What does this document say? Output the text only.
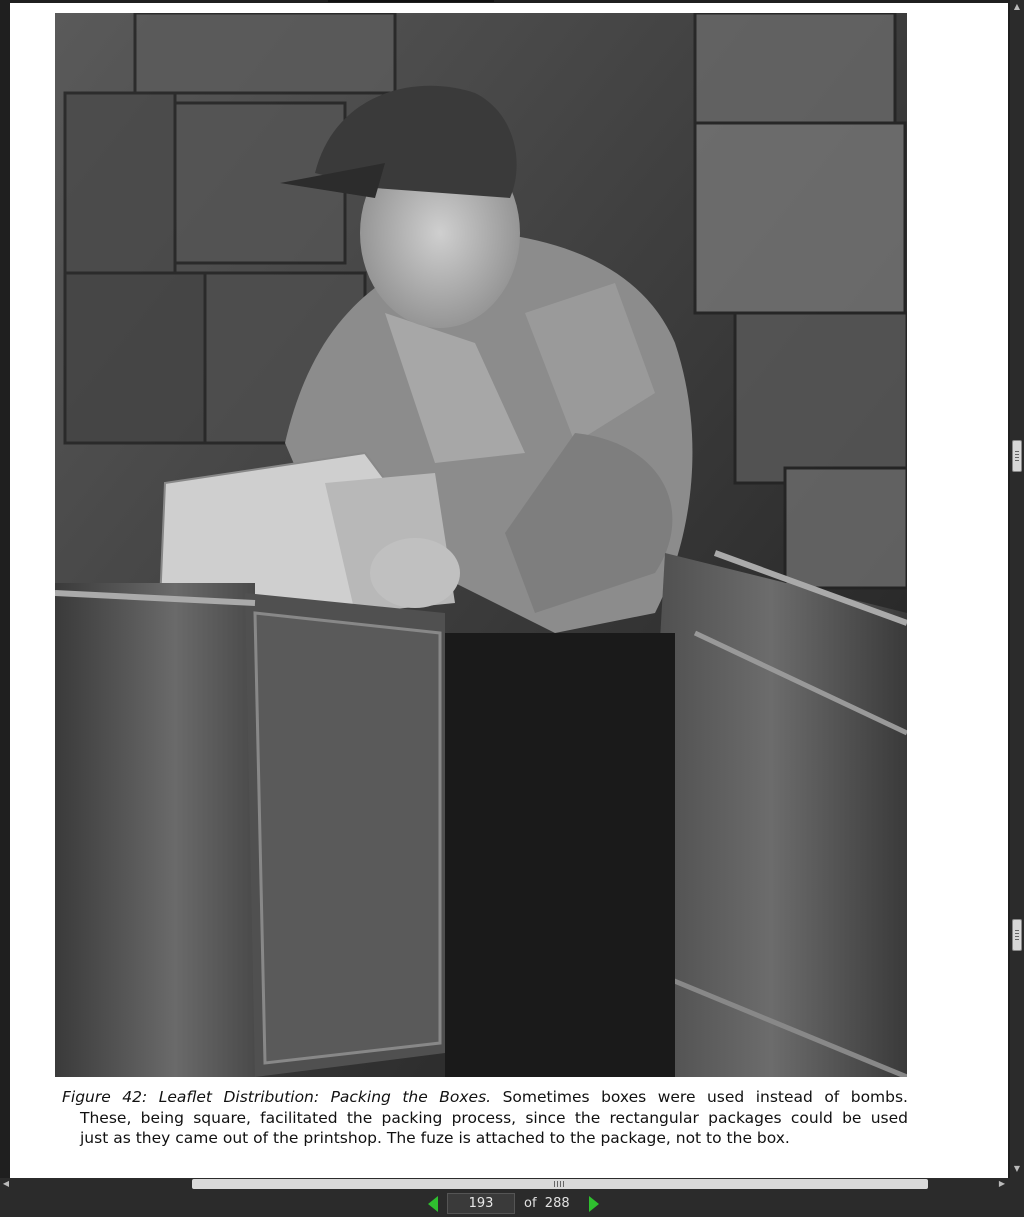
Figure 42: Leaflet Distribution: Packing the Boxes. Sometimes boxes were used instead of bombs.
These, being square, facilitated the packing process, since the rectangular packages could be used
just as they came out of the printshop. The fuze is attached to the package, not to the box.
▲
▼
◀	▶
193
of 288
